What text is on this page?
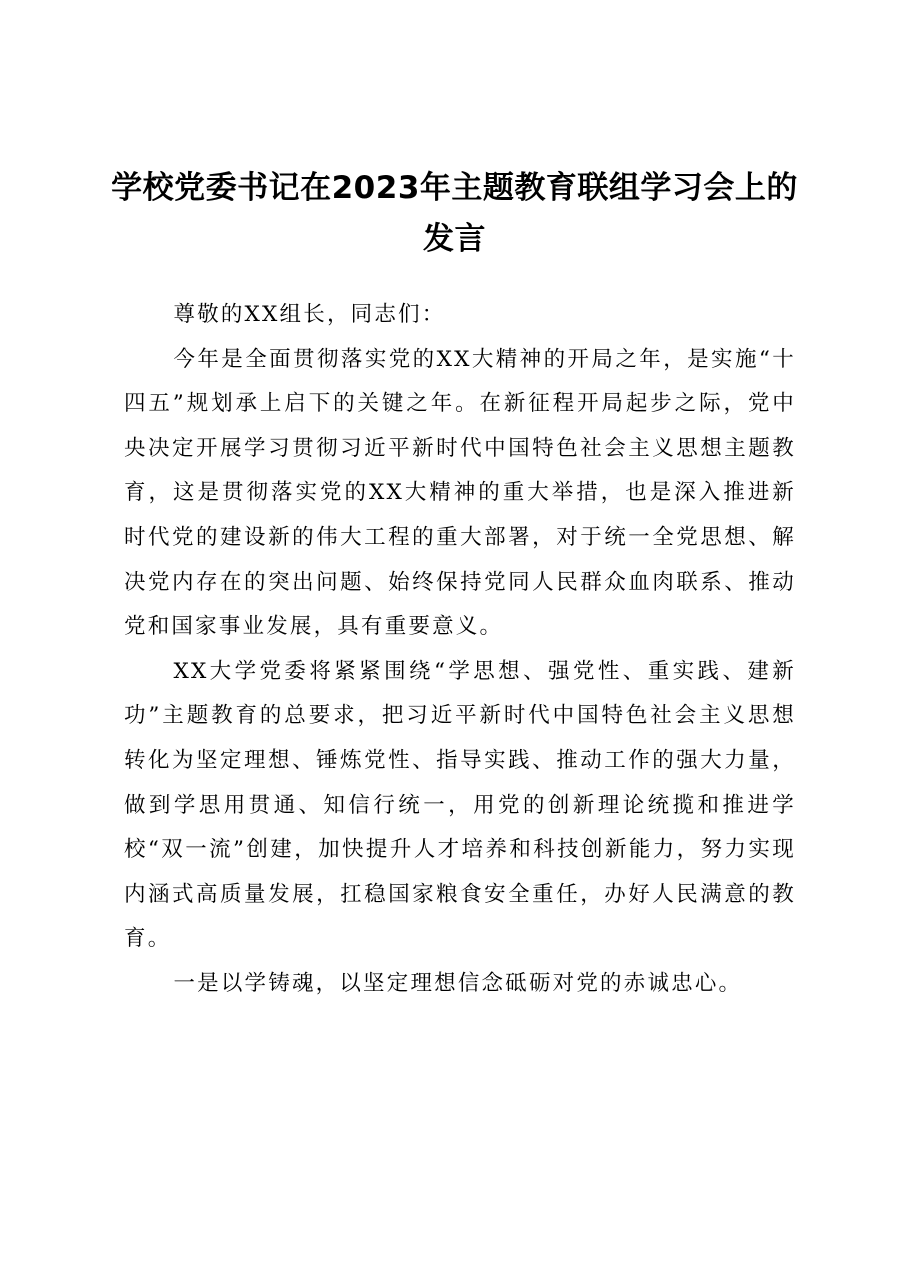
学校党委书记在2023年主题教育联组学习会上的发言

尊敬的XX组长，同志们：

今年是全面贯彻落实党的XX大精神的开局之年，是实施“十四五”规划承上启下的关键之年。在新征程开局起步之际，党中央决定开展学习贯彻习近平新时代中国特色社会主义思想主题教育，这是贯彻落实党的XX大精神的重大举措，也是深入推进新时代党的建设新的伟大工程的重大部署，对于统一全党思想、解决党内存在的突出问题、始终保持党同人民群众血肉联系、推动党和国家事业发展，具有重要意义。

XX大学党委将紧紧围绕“学思想、强党性、重实践、建新功”主题教育的总要求，把习近平新时代中国特色社会主义思想转化为坚定理想、锤炼党性、指导实践、推动工作的强大力量，做到学思用贯通、知信行统一，用党的创新理论统揽和推进学校“双一流”创建，加快提升人才培养和科技创新能力，努力实现内涵式高质量发展，扛稳国家粮食安全重任，办好人民满意的教育。

一是以学铸魂，以坚定理想信念砥砺对党的赤诚忠心。
